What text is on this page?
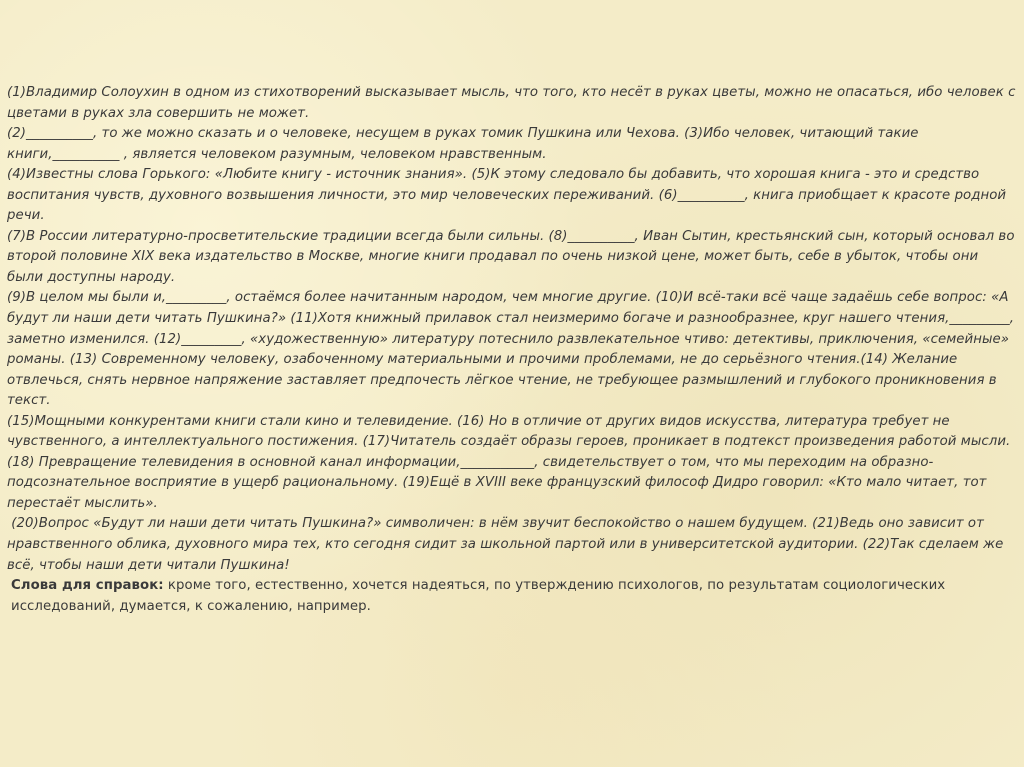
(1)Владимир Солоухин в одном из стихотворений высказывает мысль, что того, кто несёт в руках цветы, можно не опасаться, ибо человек с цветами в руках зла совершить не может.

(2)__________, то же можно сказать и о человеке, несущем в руках томик Пушкина или Чехова. (3)Ибо человек, читающий такие книги,__________ , является человеком разумным, человеком нравственным.

(4)Известны слова Горького: «Любите книгу - источник знания». (5)К этому следовало бы добавить, что хорошая книга - это и средство воспитания чувств, духовного возвышения личности, это мир человеческих переживаний. (6)__________, книга приобщает к красоте родной речи.

(7)В России литературно-просветительские традиции всегда были сильны. (8)__________, Иван Сытин, крестьянский сын, который основал во второй половине XIX века издательство в Москве, многие книги продавал по очень низкой цене, может быть, себе в убыток, чтобы они были доступны народу.

(9)В целом мы были и,_________, остаёмся более начитанным народом, чем многие другие. (10)И всё-таки всё чаще задаёшь себе вопрос: «А будут ли наши дети читать Пушкина?» (11)Хотя книжный прилавок стал неизмеримо богаче и разнообразнее, круг нашего чтения,_________, заметно изменился. (12)_________, «художественную» литературу потеснило развлекательное чтиво: детективы, приключения, «семейные» романы. (13) Современному человеку, озабоченному материальными и прочими проблемами, не до серьёзного чтения.(14) Желание отвлечься, снять нервное напряжение заставляет предпочесть лёгкое чтение, не требующее размышлений и глубокого проникновения в текст.

(15)Мощными конкурентами книги стали кино и телевидение. (16) Но в отличие от других видов искусства, литература требует не чувственного, а интеллектуального постижения. (17)Читатель создаёт образы героев, проникает в подтекст произведения работой мысли. (18) Превращение телевидения в основной канал информации,___________, свидетельствует о том, что мы переходим на образно-подсознательное восприятие в ущерб рациональному. (19)Ещё в XVIII веке французский философ Дидро говорил: «Кто мало читает, тот перестаёт мыслить».

(20)Вопрос «Будут ли наши дети читать Пушкина?» символичен: в нём звучит беспокойство о нашем будущем. (21)Ведь оно зависит от нравственного облика, духовного мира тех, кто сегодня сидит за школьной партой или в университетской аудитории. (22)Так сделаем же всё, чтобы наши дети читали Пушкина!

Слова для справок: кроме того, естественно, хочется надеяться, по утверждению психологов, по результатам социологических исследований, думается, к сожалению, например.
